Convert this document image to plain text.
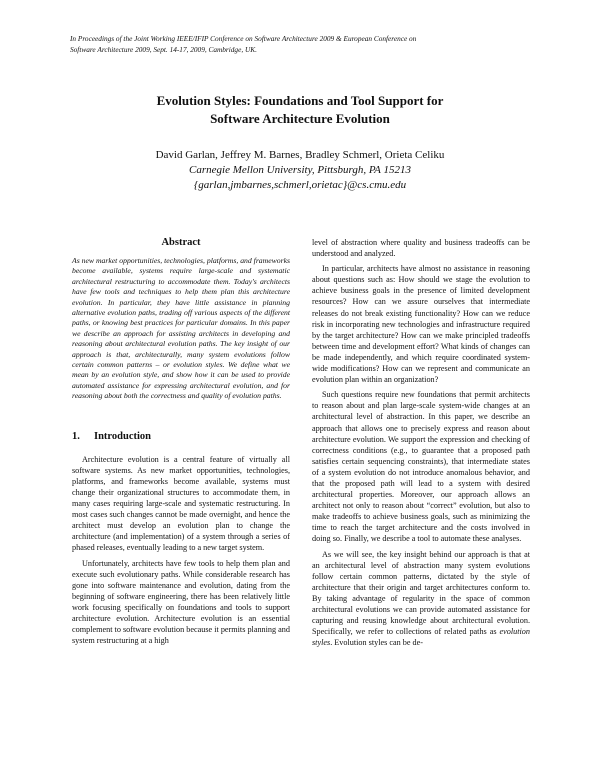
In Proceedings of the Joint Working IEEE/IFIP Conference on Software Architecture 2009 & European Conference on
Software Architecture 2009, Sept. 14-17, 2009, Cambridge, UK.
Evolution Styles: Foundations and Tool Support for
Software Architecture Evolution
David Garlan, Jeffrey M. Barnes, Bradley Schmerl, Orieta Celiku
Carnegie Mellon University, Pittsburgh, PA 15213
{garlan,jmbarnes,schmerl,orietac}@cs.cmu.edu
Abstract
As new market opportunities, technologies, platforms, and frameworks become available, systems require large-scale and systematic architectural restructuring to accommodate them. Today's architects have few tools and techniques to help them plan this architecture evolution. In particular, they have little assistance in planning alternative evolution paths, trading off various aspects of the different paths, or knowing best practices for particular domains. In this paper we describe an approach for assisting architects in developing and reasoning about architectural evolution paths. The key insight of our approach is that, architecturally, many system evolutions follow certain common patterns – or evolution styles. We define what we mean by an evolution style, and show how it can be used to provide automated assistance for expressing architectural evolution, and for reasoning about both the correctness and quality of evolution paths.
1. Introduction

Architecture evolution is a central feature of virtually all software systems. As new market opportunities, technologies, platforms, and frameworks become available, systems must change their organizational structures to accommodate them, in many cases requiring large-scale and systematic restructuring. In most cases such changes cannot be made overnight, and hence the architect must develop an evolution plan to change the architecture (and implementation) of a system through a series of phased releases, eventually leading to a new target system.

Unfortunately, architects have few tools to help them plan and execute such evolutionary paths. While considerable research has gone into software maintenance and evolution, dating from the beginning of software engineering, there has been relatively little work focusing specifically on foundations and tools to support architecture evolution. Architecture evolution is an essential complement to software evolution because it permits planning and system restructuring at a high

level of abstraction where quality and business tradeoffs can be understood and analyzed.

In particular, architects have almost no assistance in reasoning about questions such as: How should we stage the evolution to achieve business goals in the presence of limited development resources? How can we assure ourselves that intermediate releases do not break existing functionality? How can we reduce risk in incorporating new technologies and infrastructure required by the target architecture? How can we make principled tradeoffs between time and development effort? What kinds of changes can be made independently, and which require coordinated system-wide modifications? How can we represent and communicate an evolution plan within an organization?

Such questions require new foundations that permit architects to reason about and plan large-scale system-wide changes at an architectural level of abstraction. In this paper, we describe an approach that allows one to precisely express and reason about architecture evolution. We support the expression and checking of correctness conditions (e.g., to guarantee that a proposed path satisfies certain sequencing constraints), that intermediate states of a system evolution do not introduce anomalous behavior, and that the proposed path will lead to a system with desired architectural properties. Moreover, our approach allows an architect not only to reason about “correct” evolution, but also to make tradeoffs to achieve business goals, such as minimizing the time to reach the target architecture and the costs involved in doing so. Finally, we describe a tool to automate these analyses.

As we will see, the key insight behind our approach is that at an architectural level of abstraction many system evolutions follow certain common patterns, dictated by the style of architecture that their origin and target architectures conform to. By taking advantage of regularity in the space of common architectural evolutions we can provide automated assistance for capturing and reusing knowledge about architectural evolution. Specifically, we refer to collections of related paths as evolution styles. Evolution styles can be de-
